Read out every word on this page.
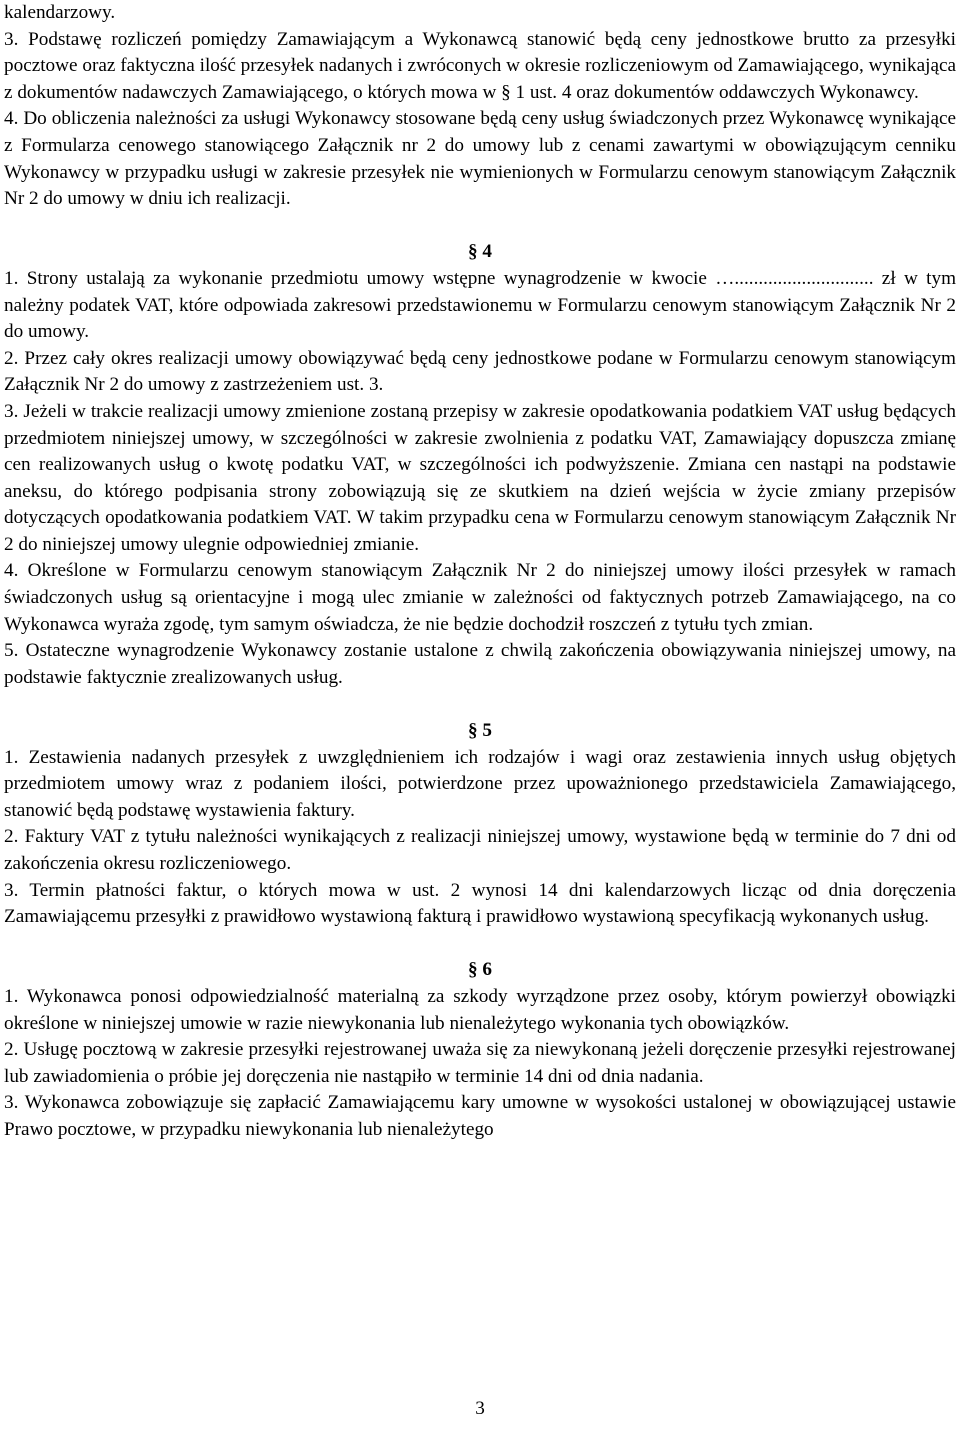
kalendarzowy.

3. Podstawę rozliczeń pomiędzy Zamawiającym a Wykonawcą stanowić będą ceny jednostkowe brutto za przesyłki pocztowe oraz faktyczna ilość przesyłek nadanych i zwróconych w okresie rozliczeniowym od Zamawiającego, wynikająca z dokumentów nadawczych Zamawiającego, o których mowa w § 1 ust. 4 oraz dokumentów oddawczych Wykonawcy.

4. Do obliczenia należności za usługi Wykonawcy stosowane będą ceny usług świadczonych przez Wykonawcę wynikające z Formularza cenowego stanowiącego Załącznik nr 2 do umowy lub z cenami zawartymi w obowiązującym cenniku Wykonawcy w przypadku usługi w zakresie przesyłek nie wymienionych w Formularzu cenowym stanowiącym Załącznik Nr 2 do umowy w dniu ich realizacji.

§ 4

1. Strony ustalają za wykonanie przedmiotu umowy wstępne wynagrodzenie w kwocie …............................. zł w tym należny podatek VAT, które odpowiada zakresowi przedstawionemu w Formularzu cenowym stanowiącym Załącznik Nr 2 do umowy.

2. Przez cały okres realizacji umowy obowiązywać będą ceny jednostkowe podane w Formularzu cenowym stanowiącym Załącznik Nr 2 do umowy z zastrzeżeniem ust. 3.

3. Jeżeli w trakcie realizacji umowy zmienione zostaną przepisy w zakresie opodatkowania podatkiem VAT usług będących przedmiotem niniejszej umowy, w szczególności w zakresie zwolnienia z podatku VAT, Zamawiający dopuszcza zmianę cen realizowanych usług o kwotę podatku VAT, w szczególności ich podwyższenie. Zmiana cen nastąpi na podstawie aneksu, do którego podpisania strony zobowiązują się ze skutkiem na dzień wejścia w życie zmiany przepisów dotyczących opodatkowania podatkiem VAT. W takim przypadku cena w Formularzu cenowym stanowiącym Załącznik Nr 2 do niniejszej umowy ulegnie odpowiedniej zmianie.

4. Określone w Formularzu cenowym stanowiącym Załącznik Nr 2 do niniejszej umowy ilości przesyłek w ramach świadczonych usług są orientacyjne i mogą ulec zmianie w zależności od faktycznych potrzeb Zamawiającego, na co Wykonawca wyraża zgodę, tym samym oświadcza, że nie będzie dochodził roszczeń z tytułu tych zmian.

5. Ostateczne wynagrodzenie Wykonawcy zostanie ustalone z chwilą zakończenia obowiązywania niniejszej umowy, na podstawie faktycznie zrealizowanych usług.

§ 5

1. Zestawienia nadanych przesyłek z uwzględnieniem ich rodzajów i wagi oraz zestawienia innych usług objętych przedmiotem umowy wraz z podaniem ilości, potwierdzone przez upoważnionego przedstawiciela Zamawiającego, stanowić będą podstawę wystawienia faktury.

2. Faktury VAT z tytułu należności wynikających z realizacji niniejszej umowy, wystawione będą w terminie do 7 dni od zakończenia okresu rozliczeniowego.

3. Termin płatności faktur, o których mowa w ust. 2 wynosi 14 dni kalendarzowych licząc od dnia doręczenia Zamawiającemu przesyłki z prawidłowo wystawioną fakturą i prawidłowo wystawioną specyfikacją wykonanych usług.

§ 6

1. Wykonawca ponosi odpowiedzialność materialną za szkody wyrządzone przez osoby, którym powierzył obowiązki określone w niniejszej umowie w razie niewykonania lub nienależytego wykonania tych obowiązków.

2. Usługę pocztową w zakresie przesyłki rejestrowanej uważa się za niewykonaną jeżeli doręczenie przesyłki rejestrowanej lub zawiadomienia o próbie jej doręczenia nie nastąpiło w terminie 14 dni od dnia nadania.

3. Wykonawca zobowiązuje się zapłacić Zamawiającemu kary umowne w wysokości ustalonej w obowiązującej ustawie Prawo pocztowe, w przypadku niewykonania lub nienależytego

3
